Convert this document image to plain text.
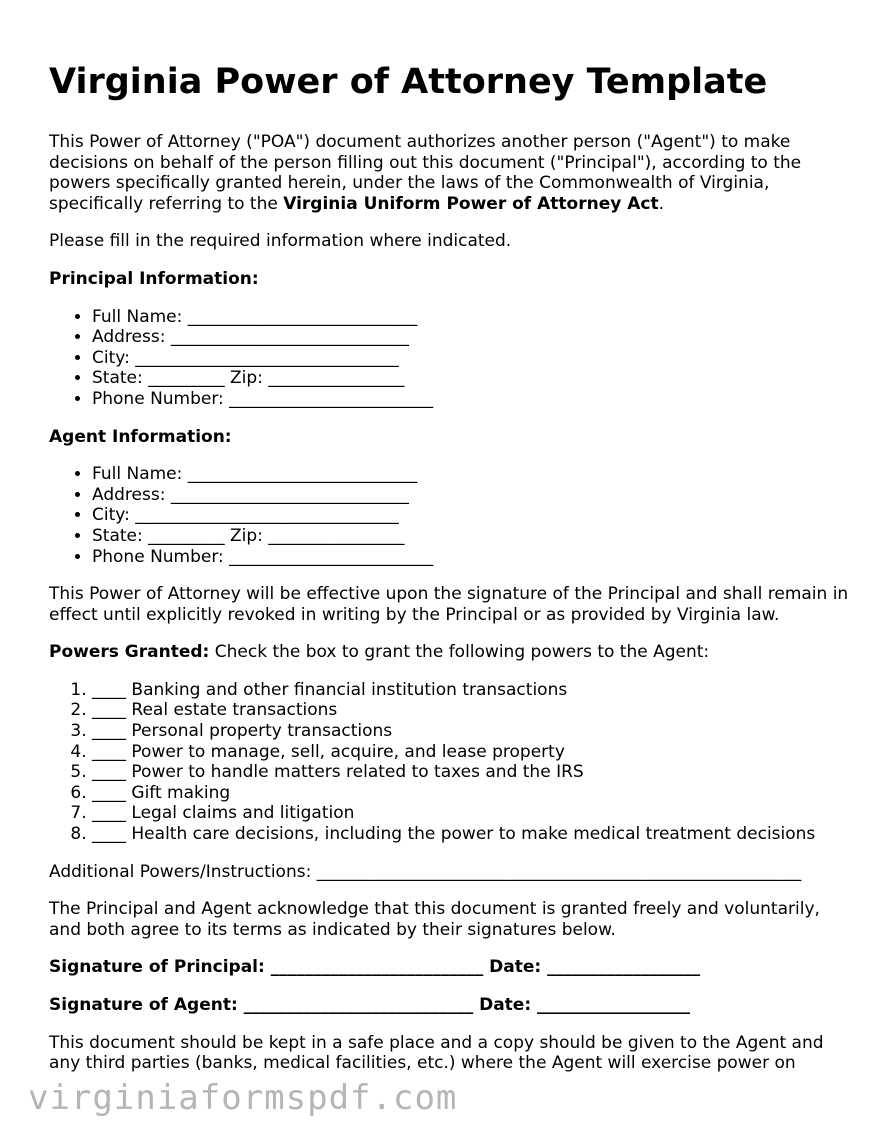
Virginia Power of Attorney Template

This Power of Attorney ("POA") document authorizes another person ("Agent") to make decisions on behalf of the person filling out this document ("Principal"), according to the powers specifically granted herein, under the laws of the Commonwealth of Virginia, specifically referring to the Virginia Uniform Power of Attorney Act.

Please fill in the required information where indicated.

Principal Information:

• Full Name: ___________________________
• Address: ____________________________
• City: _______________________________
• State: _________ Zip: ________________
• Phone Number: ________________________

Agent Information:

• Full Name: ___________________________
• Address: ____________________________
• City: _______________________________
• State: _________ Zip: ________________
• Phone Number: ________________________

This Power of Attorney will be effective upon the signature of the Principal and shall remain in effect until explicitly revoked in writing by the Principal or as provided by Virginia law.

Powers Granted: Check the box to grant the following powers to the Agent:

1. ____ Banking and other financial institution transactions
2. ____ Real estate transactions
3. ____ Personal property transactions
4. ____ Power to manage, sell, acquire, and lease property
5. ____ Power to handle matters related to taxes and the IRS
6. ____ Gift making
7. ____ Legal claims and litigation
8. ____ Health care decisions, including the power to make medical treatment decisions

Additional Powers/Instructions: _________________________________________________________

The Principal and Agent acknowledge that this document is granted freely and voluntarily, and both agree to its terms as indicated by their signatures below.

Signature of Principal: _________________________ Date: __________________

Signature of Agent: ___________________________ Date: __________________

This document should be kept in a safe place and a copy should be given to the Agent and any third parties (banks, medical facilities, etc.) where the Agent will exercise power on

virginiaformspdf.com
